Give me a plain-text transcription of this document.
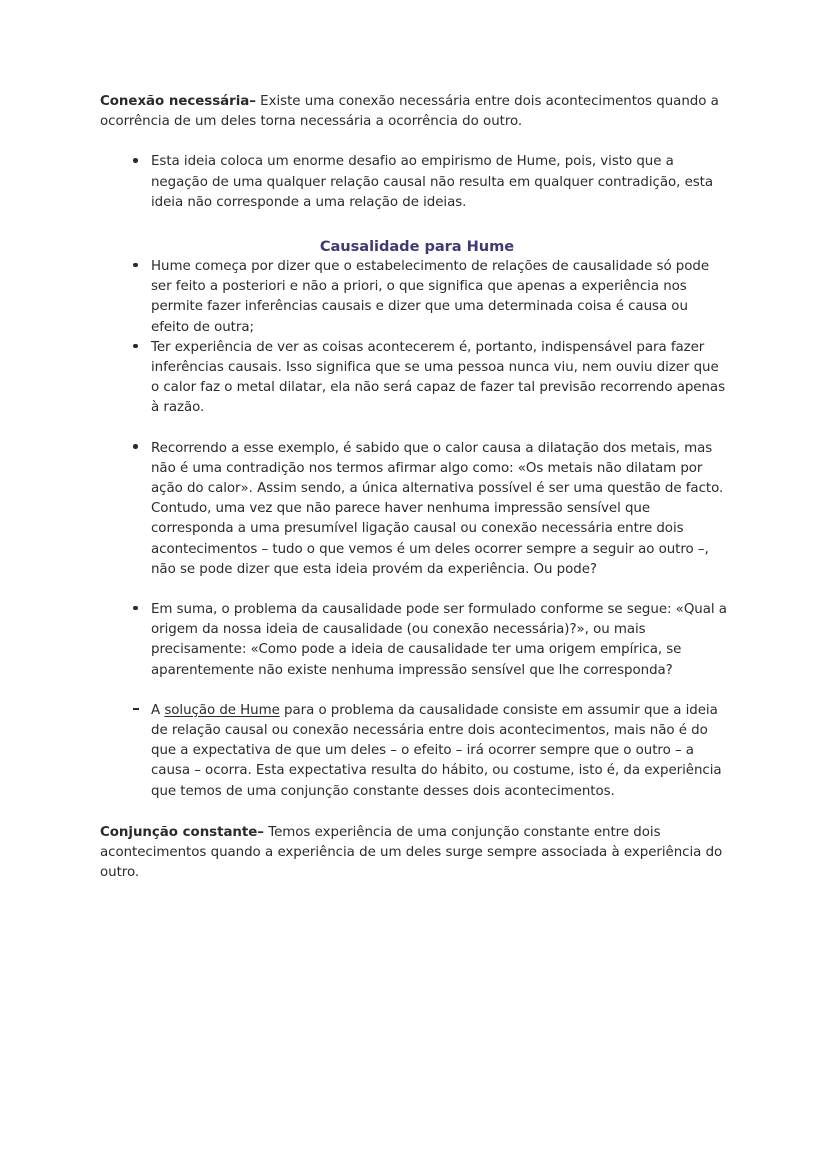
Conexão necessária– Existe uma conexão necessária entre dois acontecimentos quando a ocorrência de um deles torna necessária a ocorrência do outro.

Esta ideia coloca um enorme desafio ao empirismo de Hume, pois, visto que a negação de uma qualquer relação causal não resulta em qualquer contradição, esta ideia não corresponde a uma relação de ideias.
Causalidade para Hume
Hume começa por dizer que o estabelecimento de relações de causalidade só pode ser feito a posteriori e não a priori, o que significa que apenas a experiência nos permite fazer inferências causais e dizer que uma determinada coisa é causa ou efeito de outra;
Ter experiência de ver as coisas acontecerem é, portanto, indispensável para fazer inferências causais. Isso significa que se uma pessoa nunca viu, nem ouviu dizer que o calor faz o metal dilatar, ela não será capaz de fazer tal previsão recorrendo apenas à razão.
Recorrendo a esse exemplo, é sabido que o calor causa a dilatação dos metais, mas não é uma contradição nos termos afirmar algo como: «Os metais não dilatam por ação do calor». Assim sendo, a única alternativa possível é ser uma questão de facto. Contudo, uma vez que não parece haver nenhuma impressão sensível que corresponda a uma presumível ligação causal ou conexão necessária entre dois acontecimentos – tudo o que vemos é um deles ocorrer sempre a seguir ao outro –, não se pode dizer que esta ideia provém da experiência. Ou pode?
Em suma, o problema da causalidade pode ser formulado conforme se segue: «Qual a origem da nossa ideia de causalidade (ou conexão necessária)?», ou mais precisamente: «Como pode a ideia de causalidade ter uma origem empírica, se aparentemente não existe nenhuma impressão sensível que lhe corresponda?
A solução de Hume para o problema da causalidade consiste em assumir que a ideia de relação causal ou conexão necessária entre dois acontecimentos, mais não é do que a expectativa de que um deles – o efeito – irá ocorrer sempre que o outro – a causa – ocorra. Esta expectativa resulta do hábito, ou costume, isto é, da experiência que temos de uma conjunção constante desses dois acontecimentos.

Conjunção constante– Temos experiência de uma conjunção constante entre dois acontecimentos quando a experiência de um deles surge sempre associada à experiência do outro.
